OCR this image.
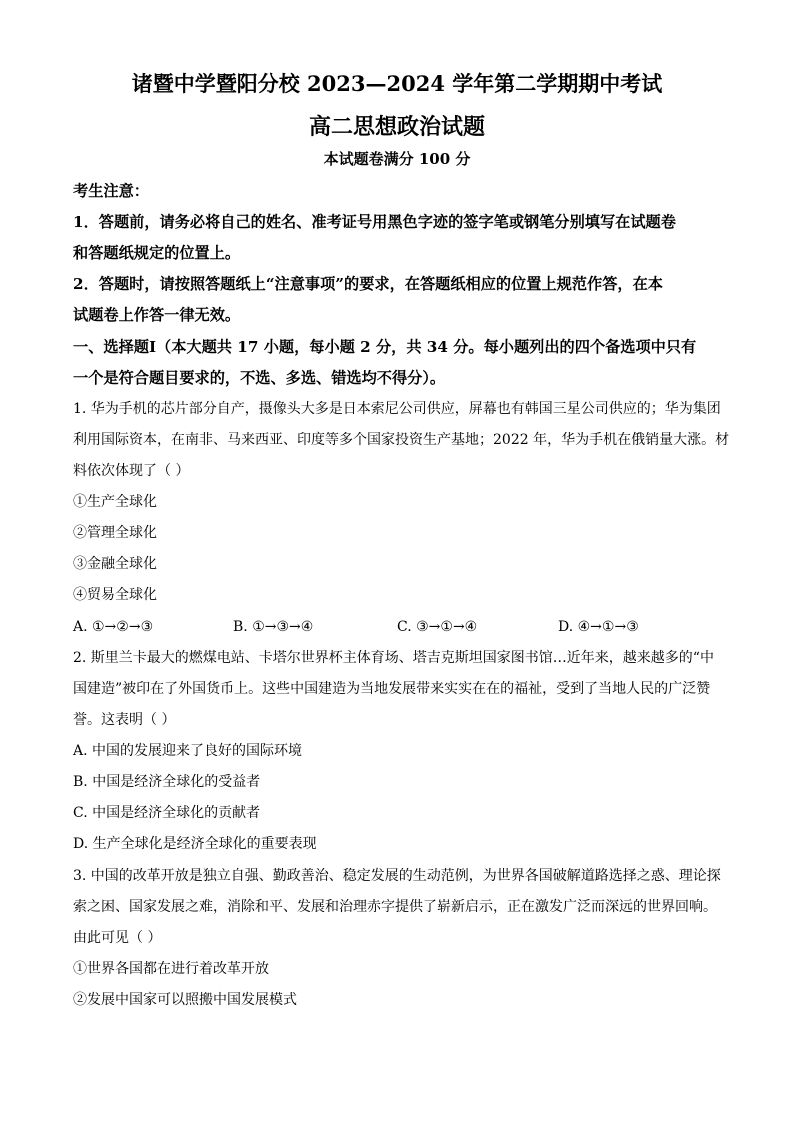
诸暨中学暨阳分校 2023—2024 学年第二学期期中考试
高二思想政治试题
本试题卷满分 100 分
考生注意：
1．答题前，请务必将自己的姓名、准考证号用黑色字迹的签字笔或钢笔分别填写在试题卷
和答题纸规定的位置上。
2．答题时，请按照答题纸上“注意事项”的要求，在答题纸相应的位置上规范作答，在本
试题卷上作答一律无效。
一、选择题Ⅰ（本大题共 17 小题，每小题 2 分，共 34 分。每小题列出的四个备选项中只有
一个是符合题目要求的，不选、多选、错选均不得分）。
1. 华为手机的芯片部分自产，摄像头大多是日本索尼公司供应，屏幕也有韩国三星公司供应的；华为集团
利用国际资本，在南非、马来西亚、印度等多个国家投资生产基地；2022 年，华为手机在俄销量大涨。材
料依次体现了（ ）
①生产全球化
②管理全球化
③金融全球化
④贸易全球化
A. ①→②→③	B. ①→③→④	C. ③→①→④	D. ④→①→③
2. 斯里兰卡最大的燃煤电站、卡塔尔世界杯主体育场、塔吉克斯坦国家图书馆…近年来，越来越多的“中
国建造”被印在了外国货币上。这些中国建造为当地发展带来实实在在的福祉，受到了当地人民的广泛赞
誉。这表明（ ）
A. 中国的发展迎来了良好的国际环境
B. 中国是经济全球化的受益者
C. 中国是经济全球化的贡献者
D. 生产全球化是经济全球化的重要表现
3. 中国的改革开放是独立自强、勤政善治、稳定发展的生动范例，为世界各国破解道路选择之惑、理论探
索之困、国家发展之难，消除和平、发展和治理赤字提供了崭新启示，正在激发广泛而深远的世界回响。
由此可见（ ）
①世界各国都在进行着改革开放
②发展中国家可以照搬中国发展模式
